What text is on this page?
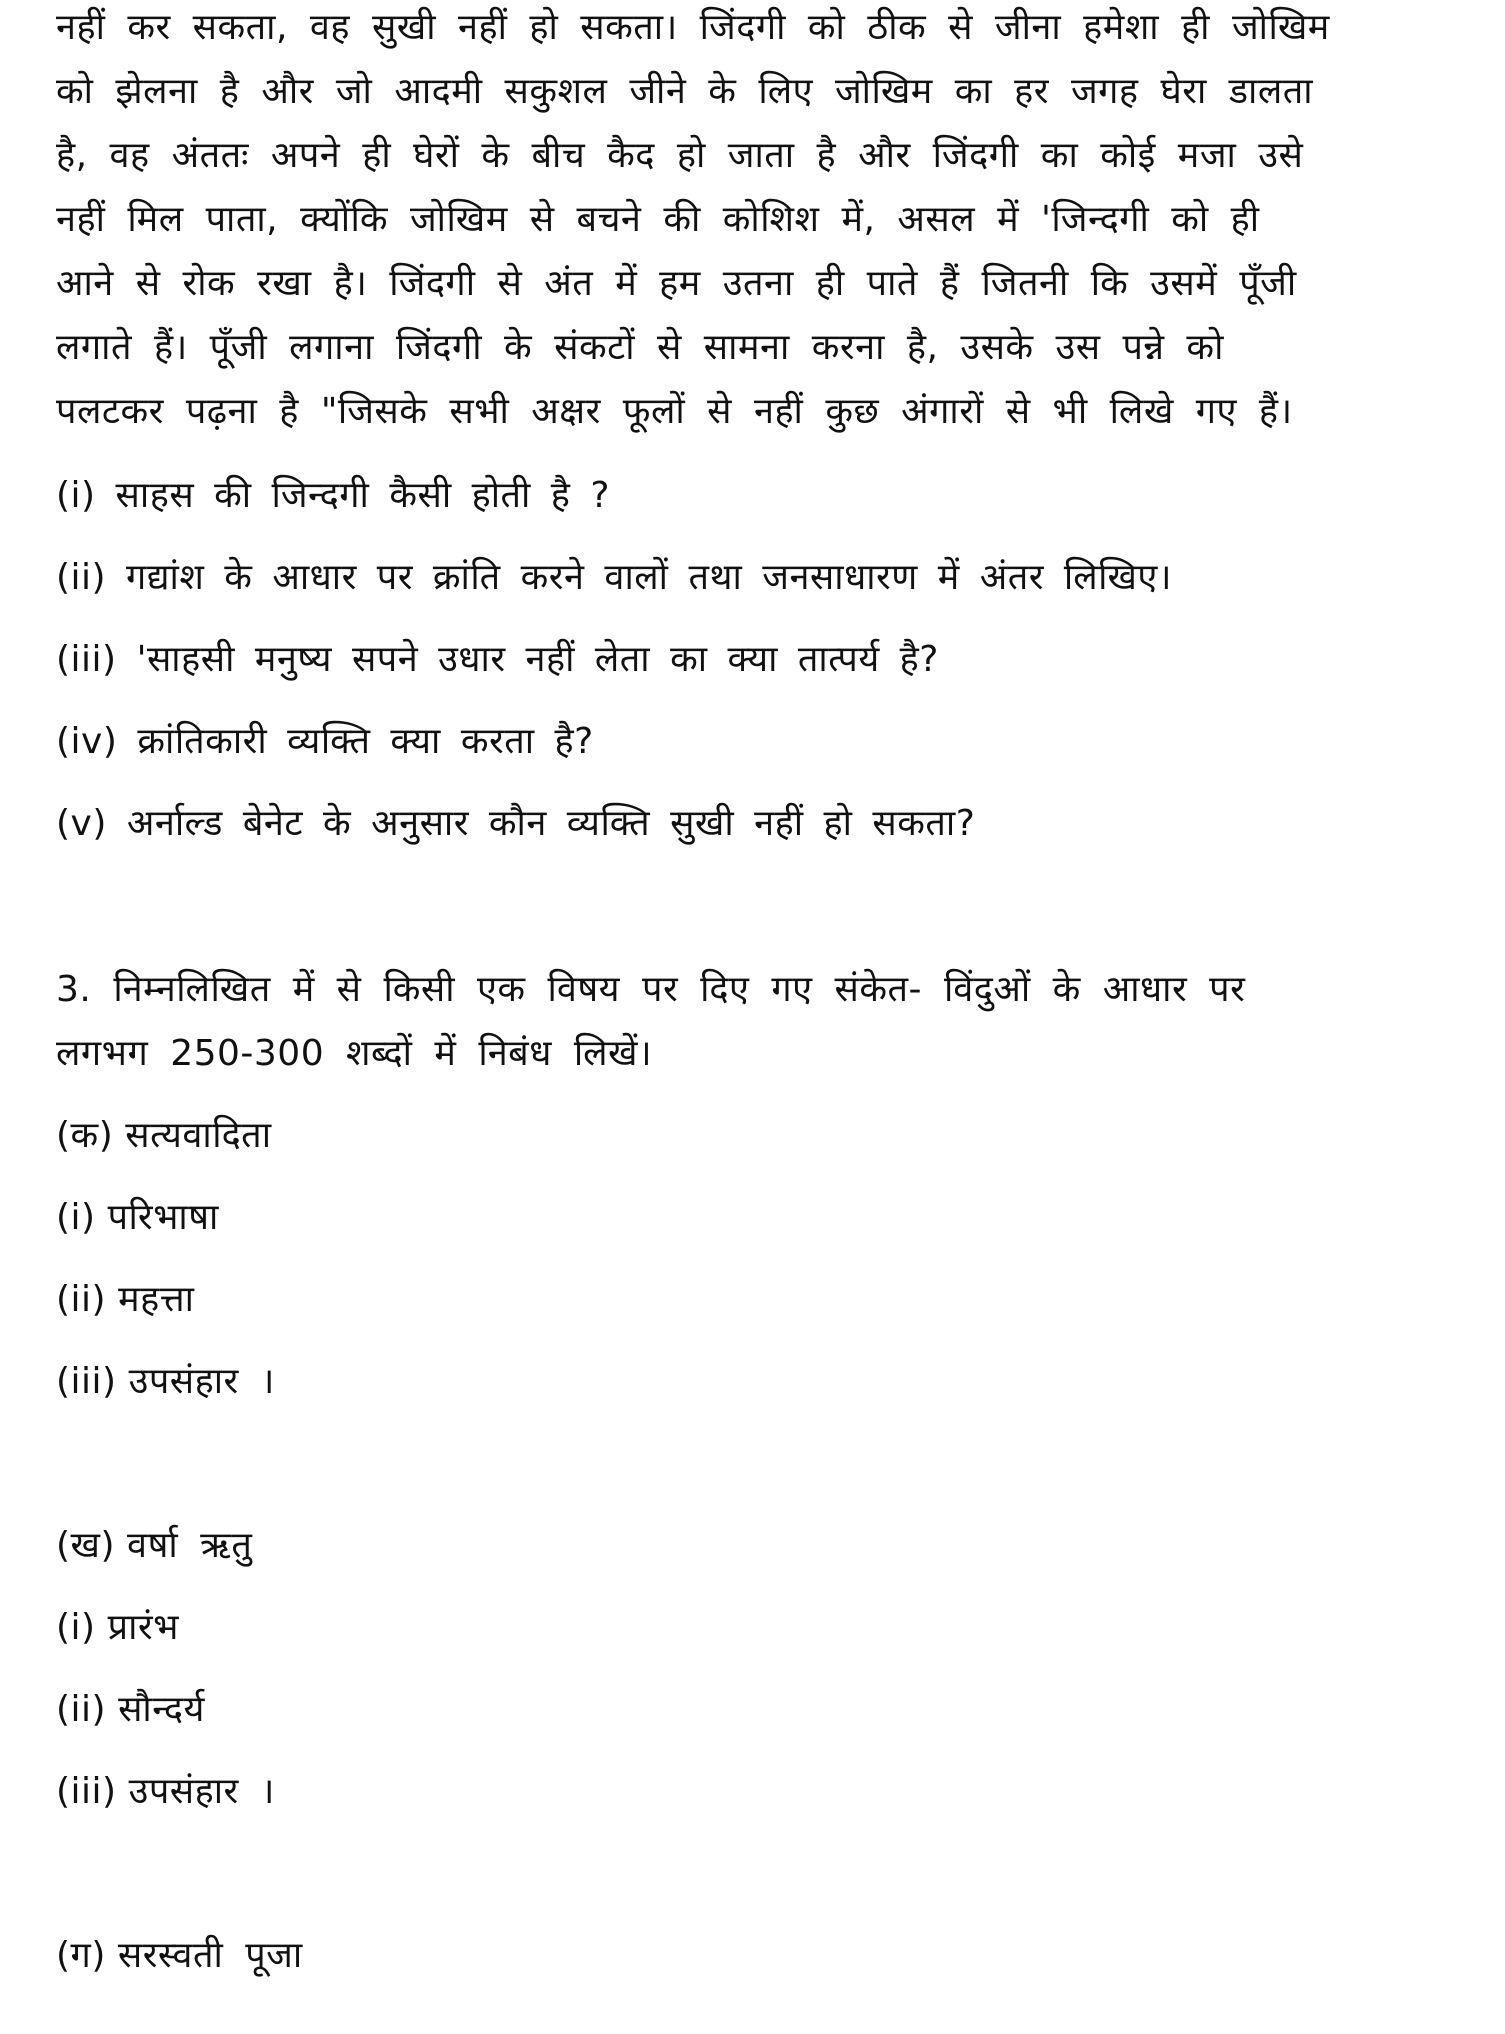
नहीं कर सकता, वह सुखी नहीं हो सकता। जिंदगी को ठीक से जीना हमेशा ही जोखिम
को झेलना है और जो आदमी सकुशल जीने के लिए जोखिम का हर जगह घेरा डालता
है, वह अंततः अपने ही घेरों के बीच कैद हो जाता है और जिंदगी का कोई मजा उसे
नहीं मिल पाता, क्योंकि जोखिम से बचने की कोशिश में, असल में 'जिन्दगी को ही
आने से रोक रखा है। जिंदगी से अंत में हम उतना ही पाते हैं जितनी कि उसमें पूँजी
लगाते हैं। पूँजी लगाना जिंदगी के संकटों से सामना करना है, उसके उस पन्ने को
पलटकर पढ़ना है "जिसके सभी अक्षर फूलों से नहीं कुछ अंगारों से भी लिखे गए हैं।
(i) साहस की जिन्दगी कैसी होती है ?
(ii) गद्यांश के आधार पर क्रांति करने वालों तथा जनसाधारण में अंतर लिखिए।
(iii) 'साहसी मनुष्य सपने उधार नहीं लेता का क्या तात्पर्य है?
(iv) क्रांतिकारी व्यक्ति क्या करता है?
(v) अर्नाल्ड बेनेट के अनुसार कौन व्यक्ति सुखी नहीं हो सकता?
3. निम्नलिखित में से किसी एक विषय पर दिए गए संकेत- विंदुओं के आधार पर
लगभग 250-300 शब्दों में निबंध लिखें।
(क) सत्यवादिता
(i) परिभाषा
(ii) महत्ता
(iii) उपसंहार ।
(ख) वर्षा ऋतु
(i) प्रारंभ
(ii) सौन्दर्य
(iii) उपसंहार ।
(ग) सरस्वती पूजा
